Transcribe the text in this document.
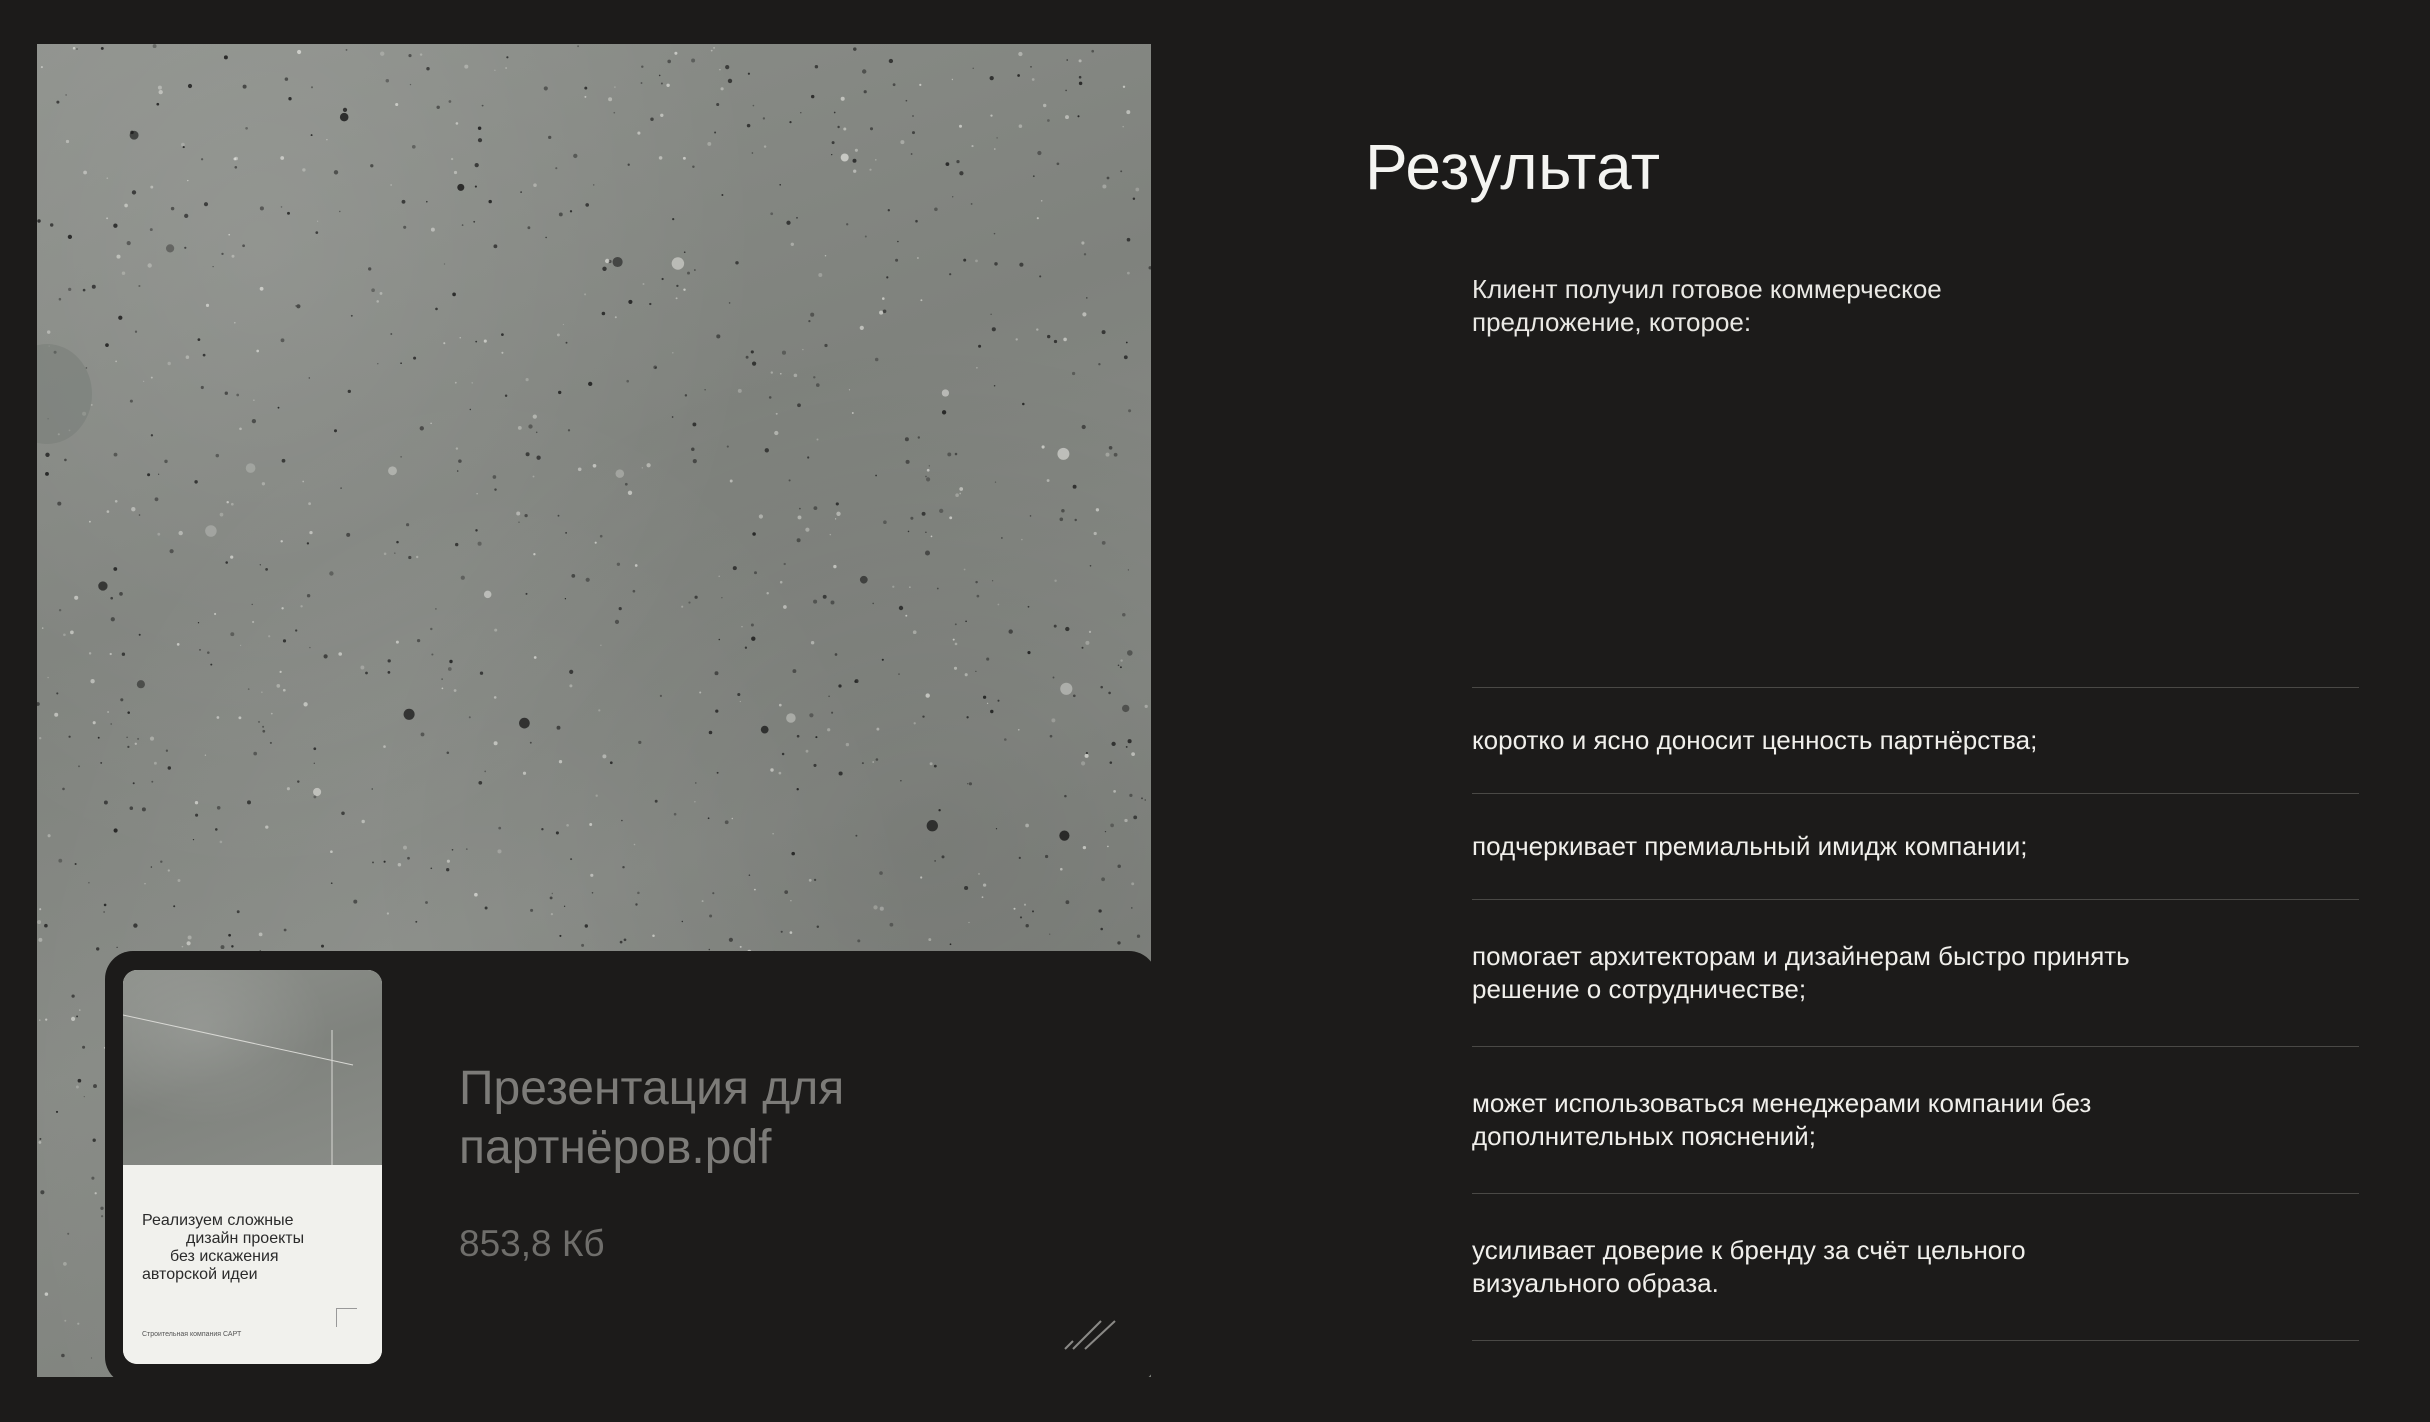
Реализуем сложные
дизайн проекты
без искажения
авторской идеи

Строительная компания САРТ
Презентация для партнёров.pdf
853,8 Кб
Результат

Клиент получил готовое коммерческое предложение, которое:

коротко и ясно доносит ценность партнёрства;
подчеркивает премиальный имидж компании;
помогает архитекторам и дизайнерам быстро принять решение о сотрудничестве;
может использоваться менеджерами компании без дополнительных пояснений;
усиливает доверие к бренду за счёт цельного визуального образа.
